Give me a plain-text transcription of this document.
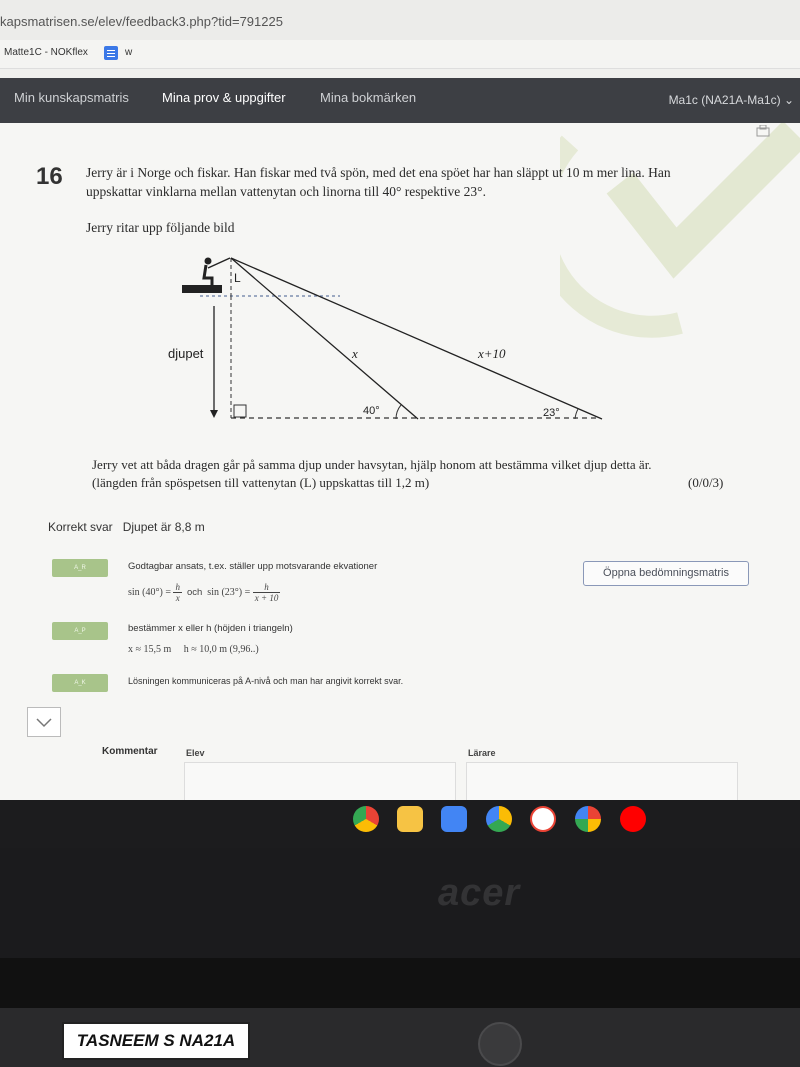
kapsmatrisen.se/elev/feedback3.php?tid=791225
Matte1C - NOKflex	w
Min kunskapsmatris	Mina prov & uppgifter	Mina bokmärken	Ma1c (NA21A-Ma1c) ⌄
16 Jerry är i Norge och fiskar. Han fiskar med två spön, med det ena spöet har han släppt ut 10 m mer lina. Han uppskattar vinklarna mellan vattenytan och linorna till 40° respektive 23°.
Jerry ritar upp följande bild
L
djupet	x	x+10
40°	23°
Jerry vet att båda dragen går på samma djup under havsytan, hjälp honom att bestämma vilket djup detta är.
(längden från spöspetsen till vattenytan (L) uppskattas till 1,2 m)	(0/0/3)
Korrekt svar Djupet är 8,8 m
A_R	Godtagbar ansats, t.ex. ställer upp motsvarande ekvationer
$\sin (40^\circ) = \frac{h}{x}$ och $\sin (23^\circ) = \frac{h}{x + 10}$
Öppna bedömningsmatris
A_P	bestämmer x eller h (höjden i triangeln)
x ≈ 15,5 m h ≈ 10,0 m (9,96..)
A_K	Lösningen kommuniceras på A-nivå och man har angivit korrekt svar.
Kommentar	Elev	Lärare
acer
TASNEEM S NA21A
